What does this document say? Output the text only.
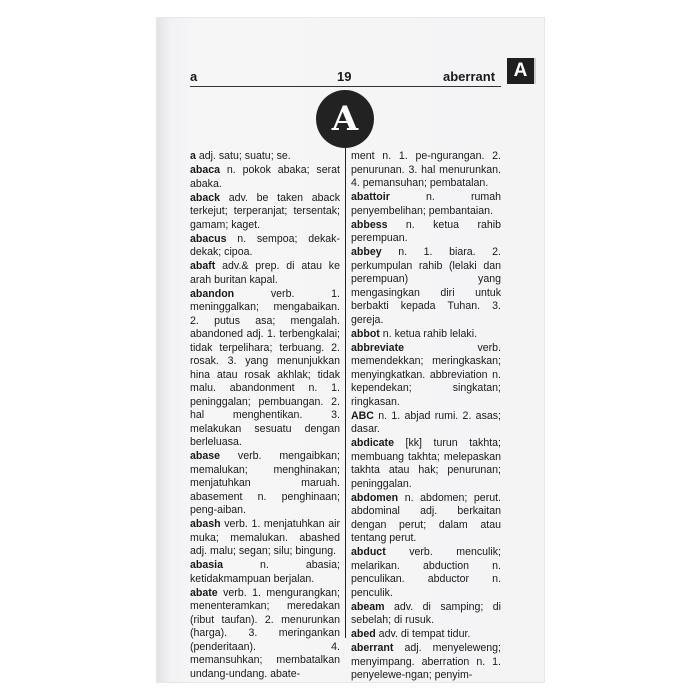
A
a	19	aberrant
A
a adj. satu; suatu; se.
abaca n. pokok abaka; serat abaka.
aback adv. be taken aback terkejut; terperanjat; tersentak; gamam; kaget.
abacus n. sempoa; dekak-dekak; cipoa.
abaft adv.& prep. di atau ke arah buritan kapal.
abandon verb. 1. meninggalkan; mengabaikan. 2. putus asa; mengalah. abandoned adj. 1. terbengkalai; tidak terpelihara; terbuang. 2. rosak. 3. yang menunjukkan hina atau rosak akhlak; tidak malu. abandonment n. 1. peninggalan; pembuangan. 2. hal menghentikan. 3. melakukan sesuatu dengan berleluasa.
abase verb. mengaibkan; memalukan; menghinakan; menjatuhkan maruah. abasement n. penghinaan; peng-aiban.
abash verb. 1. menjatuhkan air muka; memalukan. abashed adj. malu; segan; silu; bingung.
abasia n. abasia; ketidakmampuan berjalan.
abate verb. 1. mengurangkan; menenteramkan; meredakan (ribut taufan). 2. menurunkan (harga). 3. meringankan (penderitaan). 4. memansuhkan; membatalkan undang-undang. abate-
ment n. 1. pe-ngurangan. 2. penurunan. 3. hal menurunkan. 4. pemansuhan; pembatalan.
abattoir n. rumah penyembelihan; pembantaian.
abbess n. ketua rahib perempuan.
abbey n. 1. biara. 2. perkumpulan rahib (lelaki dan perempuan) yang mengasingkan diri untuk berbakti kepada Tuhan. 3. gereja.
abbot n. ketua rahib lelaki.
abbreviate verb. memendekkan; meringkaskan; menyingkatkan. abbreviation n. kependekan; singkatan; ringkasan.
ABC n. 1. abjad rumi. 2. asas; dasar.
abdicate [kk] turun takhta; membuang takhta; melepaskan takhta atau hak; penurunan; peninggalan.
abdomen n. abdomen; perut. abdominal adj. berkaitan dengan perut; dalam atau tentang perut.
abduct verb. menculik; melarikan. abduction n. penculikan. abductor n. penculik.
abeam adv. di samping; di sebelah; di rusuk.
abed adv. di tempat tidur.
aberrant adj. menyeleweng; menyimpang. aberration n. 1. penyelewe-ngan; penyim-
